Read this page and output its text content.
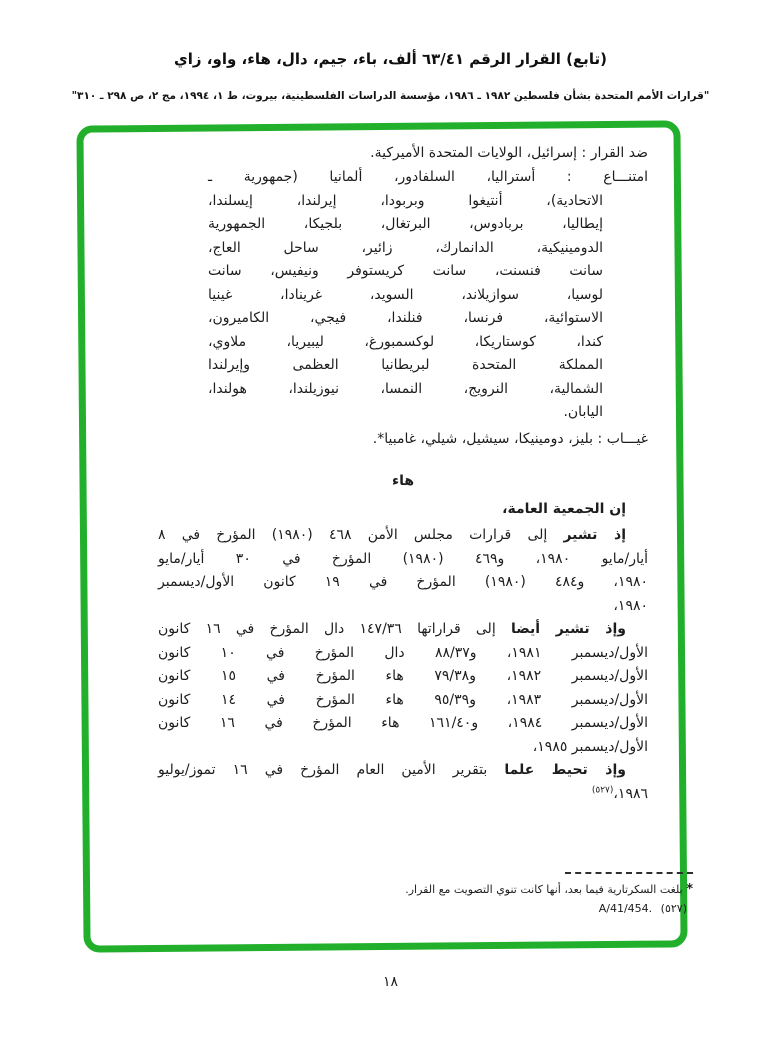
(تابع) القرار الرقم ٦٣/٤١ ألف، باء، جيم، دال، هاء، واو، زاي
"قرارات الأمم المتحدة بشأن فلسطين ١٩٨٢ ـ ١٩٨٦، مؤسسة الدراسات الفلسطينية، بيروت، ط ١، ١٩٩٤، مج ٢، ص ٢٩٨ ـ ٣١٠"
ضد القرار : إسرائيل، الولايات المتحدة الأميركية.
امتنـــاع : أستراليا، السلفادور، ألمانيا (جمهورية ـ
الاتحادية)، أنتيغوا وبربودا، إيرلندا، إيسلندا،
إيطاليا، بربادوس، البرتغال، بلجيكا، الجمهورية
الدومينيكية، الدانمارك، زائير، ساحل العاج،
سانت فنسنت، سانت كريستوفر ونيفيس، سانت
لوسيا، سوازيلاند، السويد، غرينادا، غينيا
الاستوائية، فرنسا، فنلندا، فيجي، الكاميرون،
كندا، كوستاريكا، لوكسمبورغ، ليبيريا، ملاوي،
المملكة المتحدة لبريطانيا العظمى وإيرلندا
الشمالية، النرويج، النمسا، نيوزيلندا، هولندا،
اليابان.
غيـــاب : بليز، دومينيكا، سيشيل، شيلي، غامبيا*.
هاء
إن الجمعية العامة،
إذ تشير إلى قرارات مجلس الأمن ٤٦٨ (١٩٨٠) المؤرخ في ٨
أيار/مايو ١٩٨٠، و٤٦٩ (١٩٨٠) المؤرخ في ٣٠ أيار/مايو
١٩٨٠، و٤٨٤ (١٩٨٠) المؤرخ في ١٩ كانون الأول/ديسمبر
١٩٨٠،
وإذ تشير أيضا إلى قراراتها ١٤٧/٣٦ دال المؤرخ في ١٦ كانون
الأول/ديسمبر ١٩٨١، و٨٨/٣٧ دال المؤرخ في ١٠ كانون
الأول/ديسمبر ١٩٨٢، و٧٩/٣٨ هاء المؤرخ في ١٥ كانون
الأول/ديسمبر ١٩٨٣، و٩٥/٣٩ هاء المؤرخ في ١٤ كانون
الأول/ديسمبر ١٩٨٤، و١٦١/٤٠ هاء المؤرخ في ١٦ كانون
الأول/ديسمبر ١٩٨٥،
وإذ تحيط علما بتقرير الأمين العام المؤرخ في ١٦ تموز/يوليو
١٩٨٦،$^{(٥٢٧)}$
* بلغت السكرتارية فيما بعد، أنها كانت تنوي التصويت مع القرار.
(٥٢٧) A/41/454.
١٨
